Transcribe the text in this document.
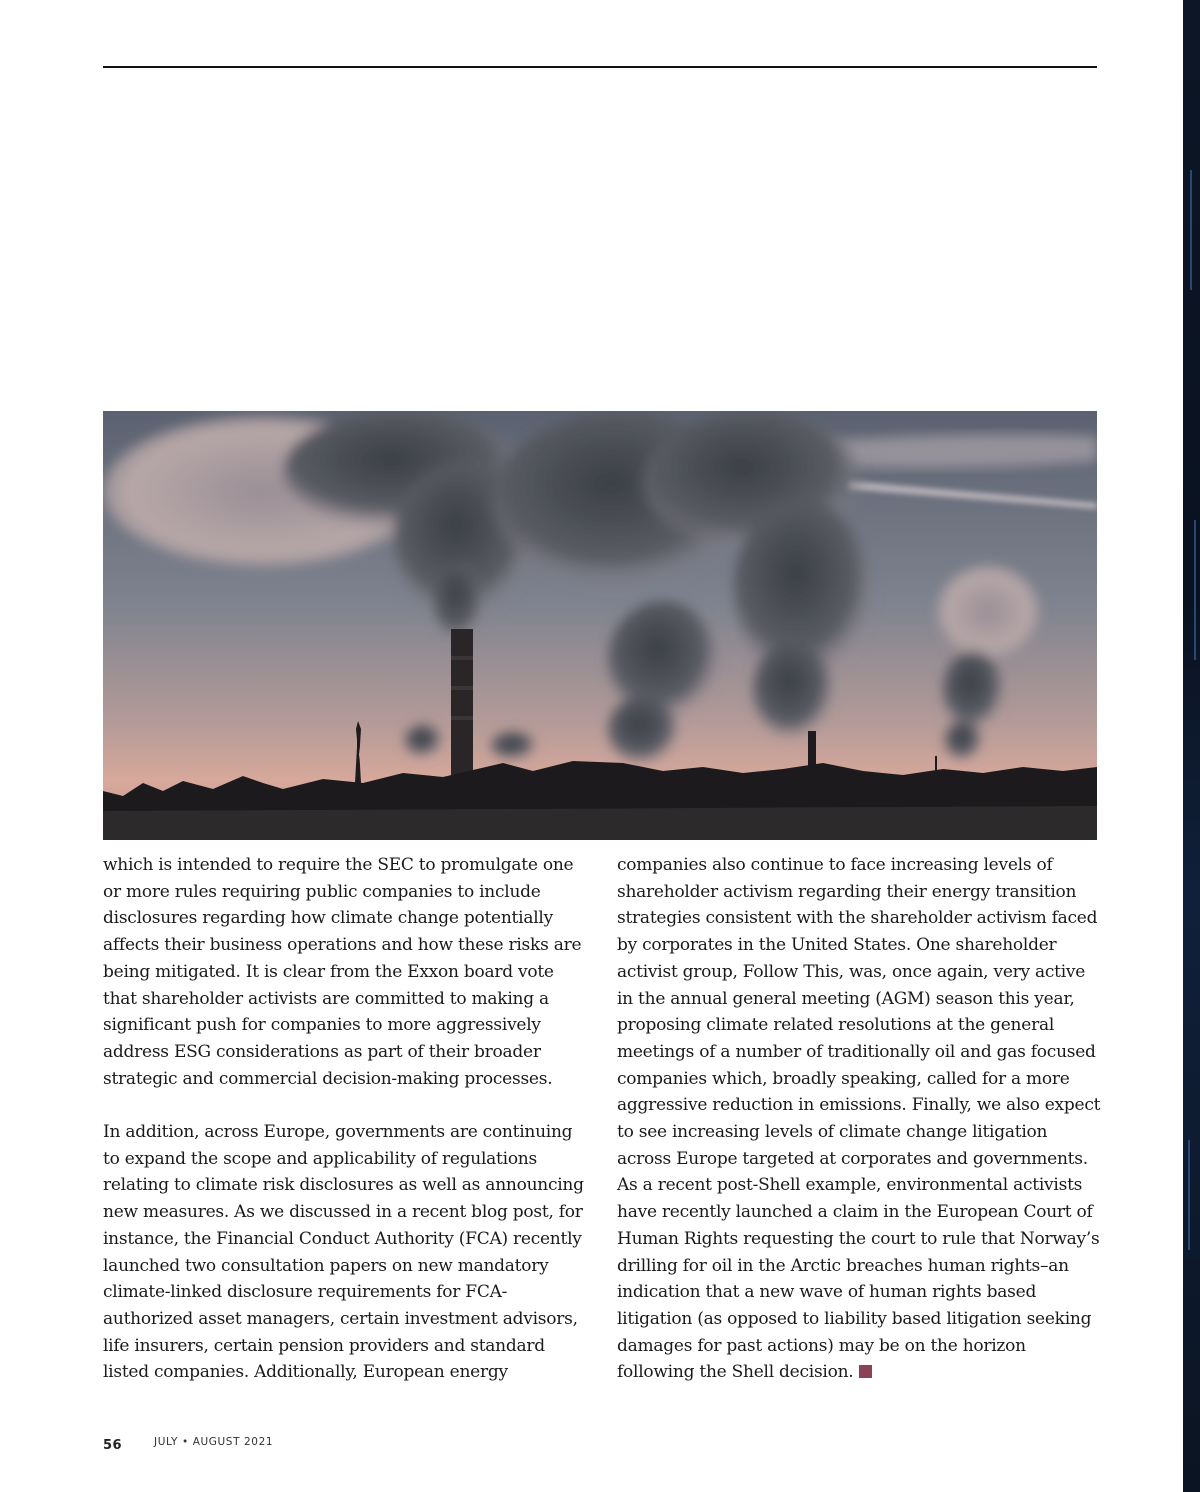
which is intended to require the SEC to promulgate one or more rules requiring public companies to include disclosures regarding how climate change potentially affects their business operations and how these risks are being mitigated. It is clear from the Exxon board vote that shareholder activists are committed to making a significant push for companies to more aggressively address ESG considerations as part of their broader strategic and commercial decision-making processes.

In addition, across Europe, governments are continuing to expand the scope and applicability of regulations relating to climate risk disclosures as well as announcing new measures. As we discussed in a recent blog post, for instance, the Financial Conduct Authority (FCA) recently launched two consultation papers on new mandatory climate-linked disclosure requirements for FCA-authorized asset managers, certain investment advisors, life insurers, certain pension providers and standard listed companies. Additionally, European energy

companies also continue to face increasing levels of shareholder activism regarding their energy transition strategies consistent with the shareholder activism faced by corporates in the United States. One shareholder activist group, Follow This, was, once again, very active in the annual general meeting (AGM) season this year, proposing climate related resolutions at the general meetings of a number of traditionally oil and gas focused companies which, broadly speaking, called for a more aggressive reduction in emissions. Finally, we also expect to see increasing levels of climate change litigation across Europe targeted at corporates and governments. As a recent post-Shell example, environmental activists have recently launched a claim in the European Court of Human Rights requesting the court to rule that Norway’s drilling for oil in the Arctic breaches human rights–an indication that a new wave of human rights based litigation (as opposed to liability based litigation seeking damages for past actions) may be on the horizon following the Shell decision.

56	JULY • AUGUST 2021
